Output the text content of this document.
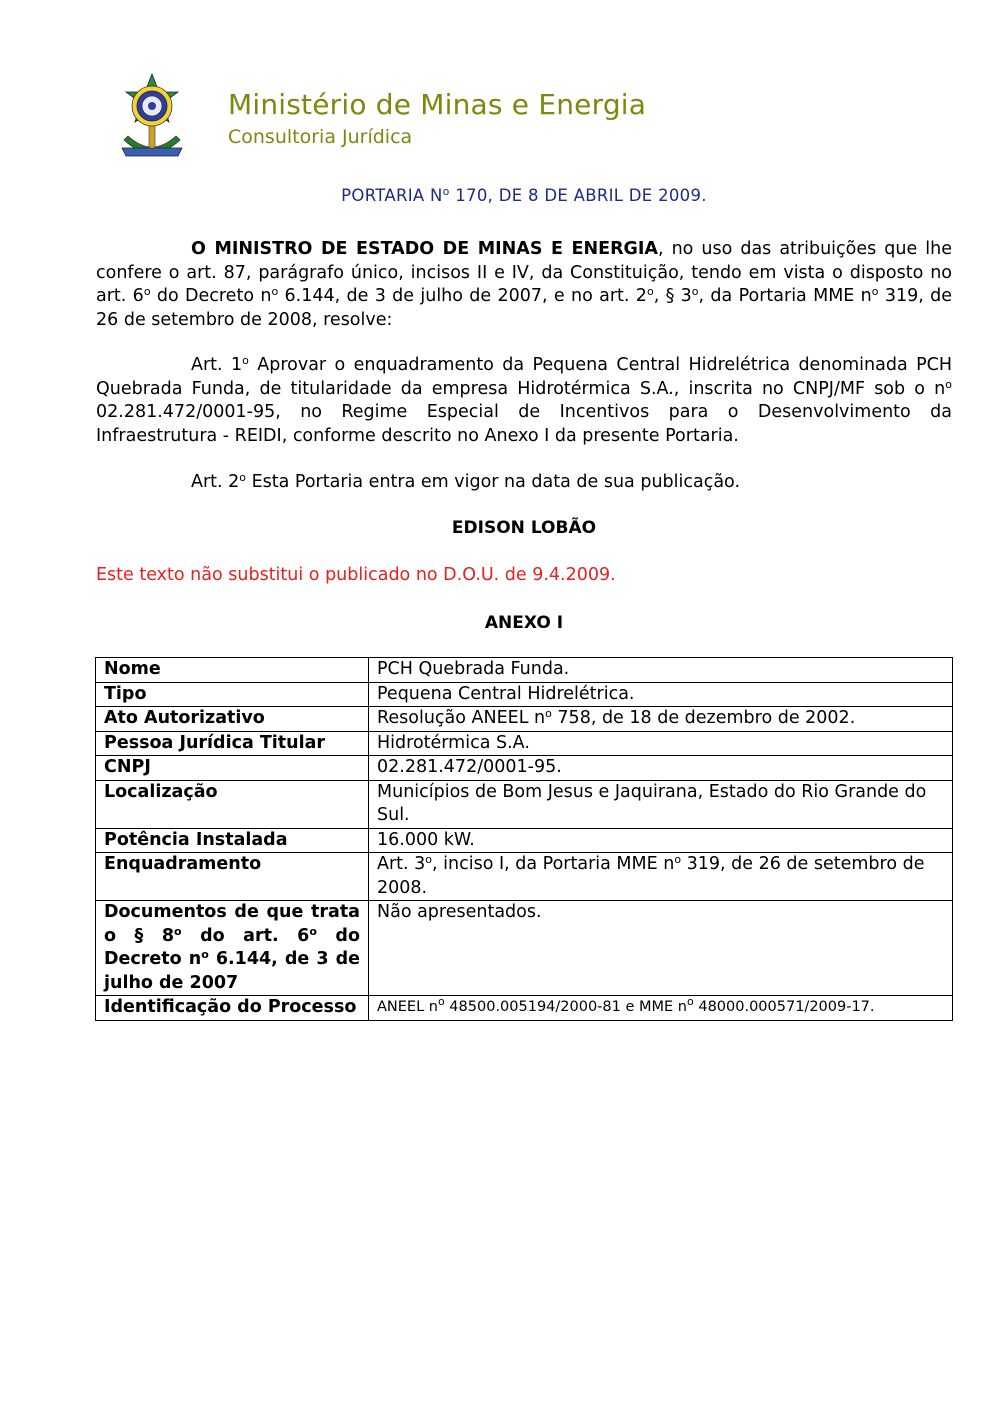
Ministério de Minas e Energia
Consultoria Jurídica
PORTARIA $N^o$ 170, DE 8 DE ABRIL DE 2009.
O MINISTRO DE ESTADO DE MINAS E ENERGIA, no uso das atribuições que lhe confere o art. 87, parágrafo único, incisos II e IV, da Constituição, tendo em vista o disposto no art. 6$^o$ do Decreto $n^o$ 6.144, de 3 de julho de 2007, e no art. 2$^o$, § 3$^o$, da Portaria MME $n^o$ 319, de 26 de setembro de 2008, resolve:
Art. 1$^o$ Aprovar o enquadramento da Pequena Central Hidrelétrica denominada PCH Quebrada Funda, de titularidade da empresa Hidrotérmica S.A., inscrita no CNPJ/MF sob o $n^o$ 02.281.472/0001-95, no Regime Especial de Incentivos para o Desenvolvimento da Infraestrutura - REIDI, conforme descrito no Anexo I da presente Portaria.
Art. 2$^o$ Esta Portaria entra em vigor na data de sua publicação.
EDISON LOBÃO
Este texto não substitui o publicado no D.O.U. de 9.4.2009.
ANEXO I
Nome	PCH Quebrada Funda.
Tipo	Pequena Central Hidrelétrica.
Ato Autorizativo	Resolução ANEEL $n^o$ 758, de 18 de dezembro de 2002.
Pessoa Jurídica Titular	Hidrotérmica S.A.
CNPJ	02.281.472/0001-95.
Localização	Municípios de Bom Jesus e Jaquirana, Estado do Rio Grande do Sul.
Potência Instalada	16.000 kW.
Enquadramento	Art. 3$^o$, inciso I, da Portaria MME $n^o$ 319, de 26 de setembro de 2008.
Documentos de que trata o § 8$^o$ do art. 6$^o$ do Decreto $n^o$ 6.144, de 3 de julho de 2007	Não apresentados.
Identificação do Processo	ANEEL $n^o$ 48500.005194/2000-81 e MME $n^o$ 48000.000571/2009-17.
